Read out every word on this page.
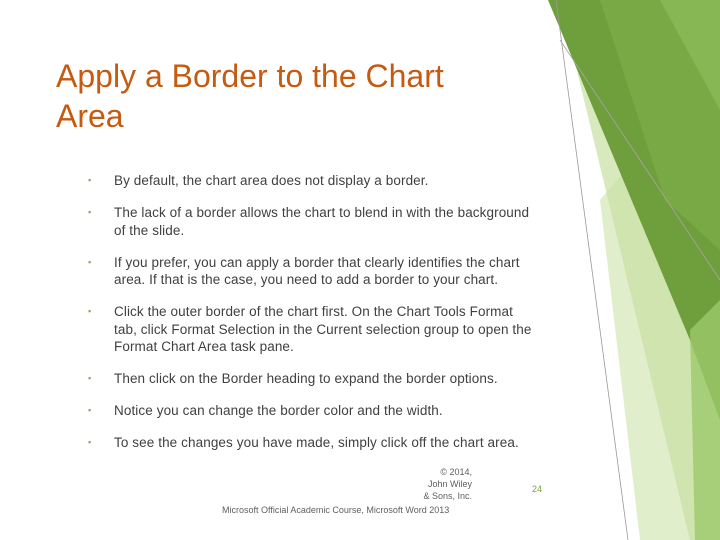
Apply a Border to the Chart Area
▪ By default, the chart area does not display a border.
▪ The lack of a border allows the chart to blend in with the background of the slide.
▪ If you prefer, you can apply a border that clearly identifies the chart area. If that is the case, you need to add a border to your chart.
▪ Click the outer border of the chart first. On the Chart Tools Format tab, click Format Selection in the Current selection group to open the Format Chart Area task pane.
▪ Then click on the Border heading to expand the border options.
▪ Notice you can change the border color and the width.
▪ To see the changes you have made, simply click off the chart area.
© 2014, John Wiley & Sons, Inc.
Microsoft Official Academic Course, Microsoft Word 2013
24
